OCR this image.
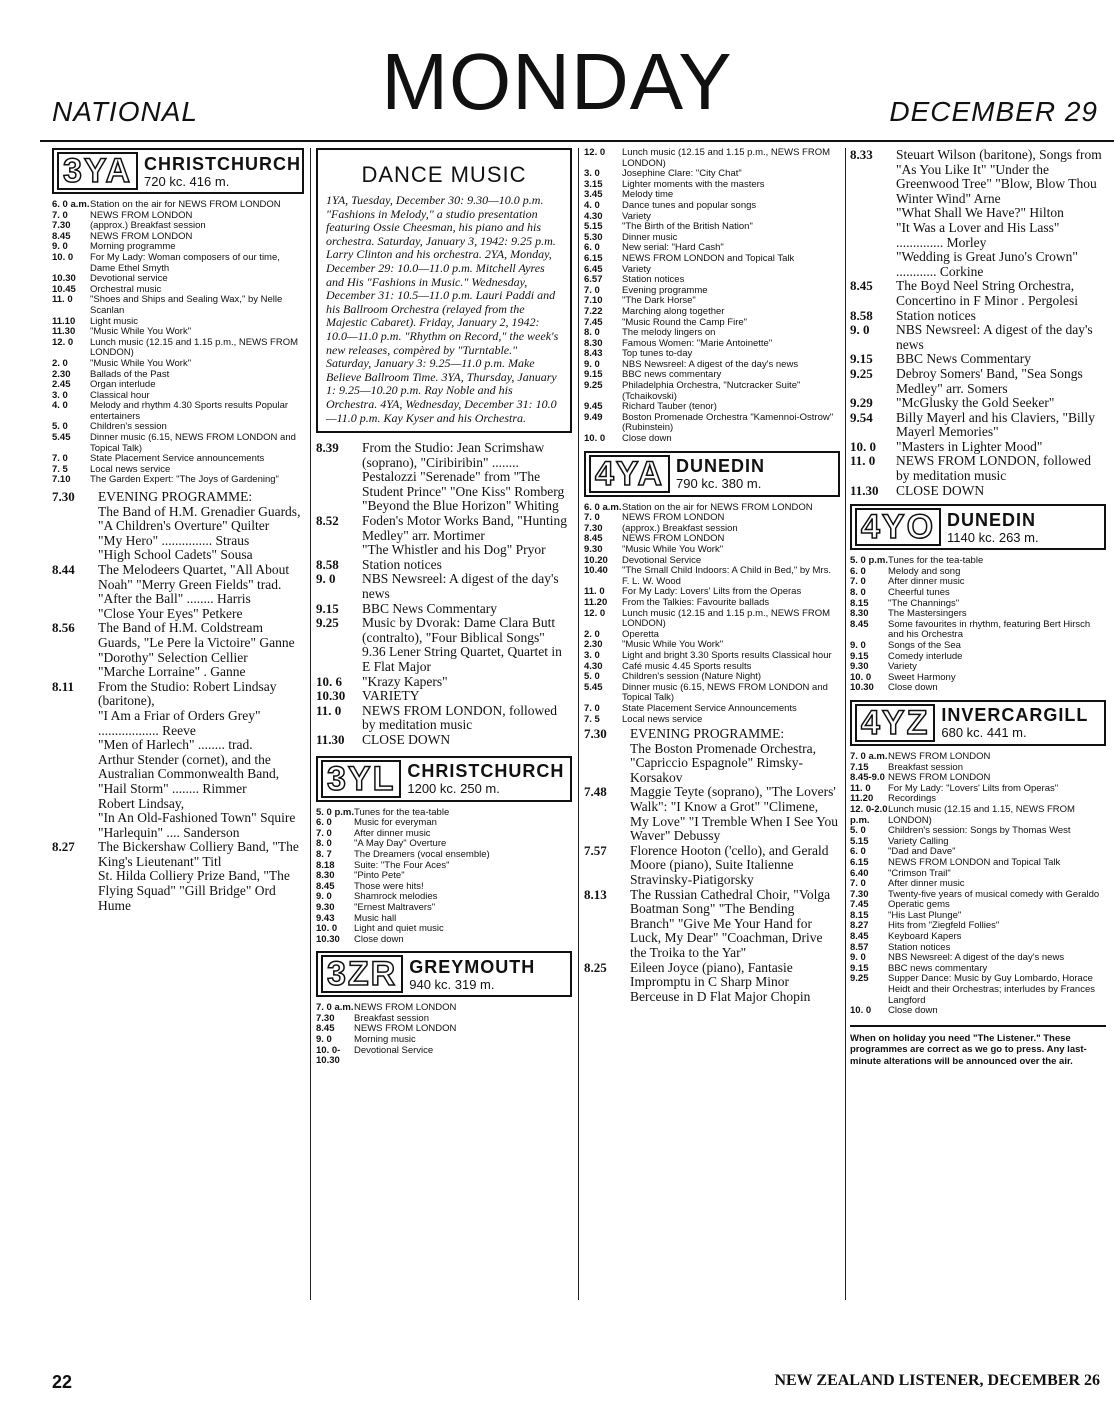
NATIONAL	MONDAY	DECEMBER 29
3YA CHRISTCHURCH
720 kc. 416 m.
6. 0 a.m. Station on the air for NEWS FROM LONDON
7. 0	NEWS FROM LONDON
7.30	(approx.) Breakfast session
8.45	NEWS FROM LONDON
9. 0	Morning programme
10. 0	For My Lady: Woman composers of our time, Dame Ethel Smyth
10.30	Devotional service
10.45	Orchestral music
11. 0	"Shoes and Ships and Sealing Wax," by Nelle Scanlan
11.10	Light music
11.30	"Music While You Work"
12. 0	Lunch music (12.15 and 1.15 p.m., NEWS FROM LONDON)
2. 0	"Music While You Work"
2.30	Ballads of the Past
2.45	Organ interlude
3. 0	Classical hour
4. 0	Melody and rhythm 4.30 Sports results Popular entertainers
5. 0	Children's session
5.45	Dinner music (6.15, NEWS FROM LONDON and Topical Talk)
7. 0	State Placement Service announcements
7. 5	Local news service
7.10	The Garden Expert: "The Joys of Gardening"
7.30	EVENING PROGRAMME:
The Band of H.M. Grenadier Guards,
"A Children's Overture" Quilter
"My Hero" ............... Straus
"High School Cadets" Sousa
8.44	The Melodeers Quartet, "All About Noah" "Merry Green Fields" trad.
"After the Ball" ........ Harris
"Close Your Eyes" Petkere
8.56	The Band of H.M. Coldstream Guards, "Le Pere la Victoire" Ganne
"Dorothy" Selection Cellier
"Marche Lorraine" . Ganne
8.11	From the Studio: Robert Lindsay (baritone),
"I Am a Friar of Orders Grey" .................. Reeve
"Men of Harlech" ........ trad.
Arthur Stender (cornet), and the Australian Commonwealth Band,
"Hail Storm" ........ Rimmer
Robert Lindsay,
"In An Old-Fashioned Town" Squire
"Harlequin" .... Sanderson
8.27	The Bickershaw Colliery Band, "The King's Lieutenant" Titl
St. Hilda Colliery Prize Band, "The Flying Squad" "Gill Bridge" Ord Hume
DANCE MUSIC
1YA, Tuesday, December 30: 9.30—10.0 p.m. "Fashions in Melody," a studio presentation featuring Ossie Cheesman, his piano and his orchestra. Saturday, January 3, 1942: 9.25 p.m. Larry Clinton and his orchestra. 2YA, Monday, December 29: 10.0—11.0 p.m. Mitchell Ayres and His "Fashions in Music." Wednesday, December 31: 10.5—11.0 p.m. Lauri Paddi and his Ballroom Orchestra (relayed from the Majestic Cabaret). Friday, January 2, 1942: 10.0—11.0 p.m. "Rhythm on Record," the week's new releases, compèred by "Turntable." Saturday, January 3: 9.25—11.0 p.m. Make Believe Ballroom Time. 3YA, Thursday, January 1: 9.25—10.20 p.m. Ray Noble and his Orchestra. 4YA, Wednesday, December 31: 10.0—11.0 p.m. Kay Kyser and his Orchestra.
8.39	From the Studio: Jean Scrimshaw (soprano), "Ciribiribin" ........ Pestalozzi "Serenade" from "The Student Prince" "One Kiss" Romberg
"Beyond the Blue Horizon" Whiting
8.52	Foden's Motor Works Band, "Hunting Medley" arr. Mortimer
"The Whistler and his Dog" Pryor
8.58	Station notices
9. 0	NBS Newsreel: A digest of the day's news
9.15	BBC News Commentary
9.25	Music by Dvorak: Dame Clara Butt (contralto), "Four Biblical Songs"
9.36 Lener String Quartet, Quartet in E Flat Major
10. 6	"Krazy Kapers"
10.30	VARIETY
11. 0	NEWS FROM LONDON, followed by meditation music
11.30	CLOSE DOWN
3YL CHRISTCHURCH
1200 kc. 250 m.
5. 0 p.m. Tunes for the tea-table
6. 0	Music for everyman
7. 0	After dinner music
8. 0	"A May Day" Overture
8. 7	The Dreamers (vocal ensemble)
8.18	Suite: "The Four Aces"
8.30	"Pinto Pete"
8.45	Those were hits!
9. 0	Shamrock melodies
9.30	"Ernest Maltravers"
9.43	Music hall
10. 0	Light and quiet music
10.30	Close down
3ZR GREYMOUTH
940 kc. 319 m.
7. 0 a.m. NEWS FROM LONDON
7.30	Breakfast session
8.45	NEWS FROM LONDON
9. 0	Morning music
10. 0-10.30
Devotional Service
12. 0	Lunch music (12.15 and 1.15 p.m., NEWS FROM LONDON)
3. 0	Josephine Clare: "City Chat"
3.15	Lighter moments with the masters
3.45	Melody time
4. 0	Dance tunes and popular songs
4.30	Variety
5.15	"The Birth of the British Nation"
5.30	Dinner music
6. 0	New serial: "Hard Cash"
6.15	NEWS FROM LONDON and Topical Talk
6.45	Variety
6.57	Station notices
7. 0	Evening programme
7.10	"The Dark Horse"
7.22	Marching along together
7.45	"Music Round the Camp Fire"
8. 0	The melody lingers on
8.30	Famous Women: "Marie Antoinette"
8.43	Top tunes to-day
9. 0	NBS Newsreel: A digest of the day's news
9.15	BBC news commentary
9.25	Philadelphia Orchestra, "Nutcracker Suite" (Tchaikovski)
9.45	Richard Tauber (tenor)
9.49	Boston Promenade Orchestra "Kamennoi-Ostrow" (Rubinstein)
10. 0	Close down
4YA DUNEDIN
790 kc. 380 m.
6. 0 a.m. Station on the air for NEWS FROM LONDON
7. 0	NEWS FROM LONDON
7.30	(approx.) Breakfast session
8.45	NEWS FROM LONDON
9.30	"Music While You Work"
10.20	Devotional Service
10.40	"The Small Child Indoors: A Child in Bed," by Mrs. F. L. W. Wood
11. 0	For My Lady: Lovers' Lilts from the Operas
11.20	From the Talkies: Favourite ballads
12. 0	Lunch music (12.15 and 1.15 p.m., NEWS FROM LONDON)
2. 0	Operetta
2.30	"Music While You Work"
3. 0	Light and bright 3.30 Sports results Classical hour
4.30	Café music 4.45 Sports results
5. 0	Children's session (Nature Night)
5.45	Dinner music (6.15, NEWS FROM LONDON and Topical Talk)
7. 0	State Placement Service Announcements
7. 5	Local news service
7.30	EVENING PROGRAMME:
The Boston Promenade Orchestra, "Capriccio Espagnole" Rimsky-Korsakov
7.48	Maggie Teyte (soprano), "The Lovers' Walk": "I Know a Grot" "Climene, My Love" "I Tremble When I See You Waver" Debussy
7.57	Florence Hooton ('cello), and Gerald Moore (piano), Suite Italienne Stravinsky-Piatigorsky
8.13	The Russian Cathedral Choir, "Volga Boatman Song" "The Bending Branch" "Give Me Your Hand for Luck, My Dear" "Coachman, Drive the Troika to the Yar"
8.25	Eileen Joyce (piano), Fantasie Impromptu in C Sharp Minor Berceuse in D Flat Major Chopin
8.33	Steuart Wilson (baritone), Songs from "As You Like It" "Under the Greenwood Tree" "Blow, Blow Thou Winter Wind" Arne
"What Shall We Have?" Hilton
"It Was a Lover and His Lass" .............. Morley
"Wedding is Great Juno's Crown" ............ Corkine
8.45	The Boyd Neel String Orchestra, Concertino in F Minor . Pergolesi
8.58	Station notices
9. 0	NBS Newsreel: A digest of the day's news
9.15	BBC News Commentary
9.25	Debroy Somers' Band, "Sea Songs Medley" arr. Somers
9.29	"McGlusky the Gold Seeker"
9.54	Billy Mayerl and his Claviers, "Billy Mayerl Memories"
10. 0	"Masters in Lighter Mood"
11. 0	NEWS FROM LONDON, followed by meditation music
11.30	CLOSE DOWN
4YO DUNEDIN
1140 kc. 263 m.
5. 0 p.m. Tunes for the tea-table
6. 0	Melody and song
7. 0	After dinner music
8. 0	Cheerful tunes
8.15	"The Channings"
8.30	The Mastersingers
8.45	Some favourites in rhythm, featuring Bert Hirsch and his Orchestra
9. 0	Songs of the Sea
9.15	Comedy interlude
9.30	Variety
10. 0	Sweet Harmony
10.30	Close down
4YZ INVERCARGILL
680 kc. 441 m.
7. 0 a.m. NEWS FROM LONDON
7.15	Breakfast session
8.45-9.0 NEWS FROM LONDON
11. 0	For My Lady: "Lovers' Lilts from Operas"
11.20	Recordings
12. 0-2.0 p.m.
Lunch music (12.15 and 1.15, NEWS FROM LONDON)
5. 0	Children's session: Songs by Thomas West
5.15	Variety Calling
6. 0	"Dad and Dave"
6.15	NEWS FROM LONDON and Topical Talk
6.40	"Crimson Trail"
7. 0	After dinner music
7.30	Twenty-five years of musical comedy with Geraldo
7.45	Operatic gems
8.15	"His Last Plunge"
8.27	Hits from "Ziegfeld Follies"
8.45	Keyboard Kapers
8.57	Station notices
9. 0	NBS Newsreel: A digest of the day's news
9.15	BBC news commentary
9.25	Supper Dance: Music by Guy Lombardo, Horace Heidt and their Orchestras; interludes by Frances Langford
10. 0	Close down
When on holiday you need "The Listener." These programmes are correct as we go to press. Any last-minute alterations will be announced over the air.
22	NEW ZEALAND LISTENER, DECEMBER 26
